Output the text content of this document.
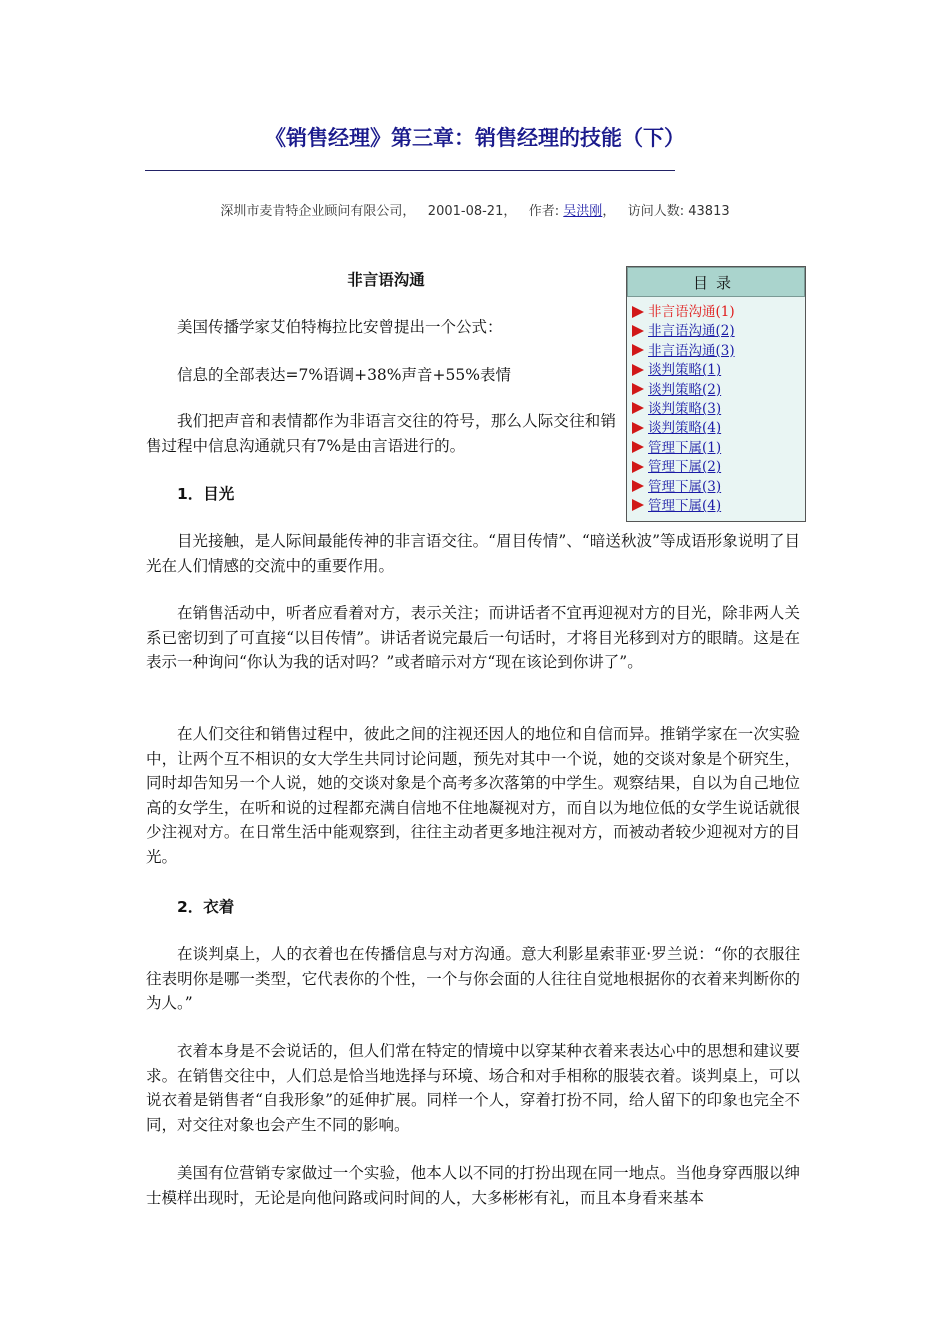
《销售经理》第三章：销售经理的技能（下）
深圳市麦肯特企业顾问有限公司， 2001-08-21， 作者: 吴洪刚， 访问人数: 43813
目录
非言语沟通(1)
非言语沟通(2)
非言语沟通(3)
谈判策略(1)
谈判策略(2)
谈判策略(3)
谈判策略(4)
管理下属(1)
管理下属(2)
管理下属(3)
管理下属(4)

非言语沟通

美国传播学家艾伯特梅拉比安曾提出一个公式：

信息的全部表达=7%语调+38%声音+55%表情

我们把声音和表情都作为非语言交往的符号，那么人际交往和销售过程中信息沟通就只有7%是由言语进行的。

1．目光

目光接触，是人际间最能传神的非言语交往。“眉目传情”、“暗送秋波”等成语形象说明了目光在人们情感的交流中的重要作用。

在销售活动中，听者应看着对方，表示关注；而讲话者不宜再迎视对方的目光，除非两人关系已密切到了可直接“以目传情”。讲话者说完最后一句话时，才将目光移到对方的眼睛。这是在表示一种询问“你认为我的话对吗？”或者暗示对方“现在该论到你讲了”。

在人们交往和销售过程中，彼此之间的注视还因人的地位和自信而异。推销学家在一次实验中，让两个互不相识的女大学生共同讨论问题，预先对其中一个说，她的交谈对象是个研究生，同时却告知另一个人说，她的交谈对象是个高考多次落第的中学生。观察结果，自以为自己地位高的女学生，在听和说的过程都充满自信地不住地凝视对方，而自以为地位低的女学生说话就很少注视对方。在日常生活中能观察到，往往主动者更多地注视对方，而被动者较少迎视对方的目光。

2．衣着

在谈判桌上，人的衣着也在传播信息与对方沟通。意大利影星索菲亚·罗兰说：“你的衣服往往表明你是哪一类型，它代表你的个性，一个与你会面的人往往自觉地根据你的衣着来判断你的为人。”

衣着本身是不会说话的，但人们常在特定的情境中以穿某种衣着来表达心中的思想和建议要求。在销售交往中，人们总是恰当地选择与环境、场合和对手相称的服装衣着。谈判桌上，可以说衣着是销售者“自我形象”的延伸扩展。同样一个人，穿着打扮不同，给人留下的印象也完全不同，对交往对象也会产生不同的影响。

美国有位营销专家做过一个实验，他本人以不同的打扮出现在同一地点。当他身穿西服以绅士模样出现时，无论是向他问路或问时间的人，大多彬彬有礼，而且本身看来基本
